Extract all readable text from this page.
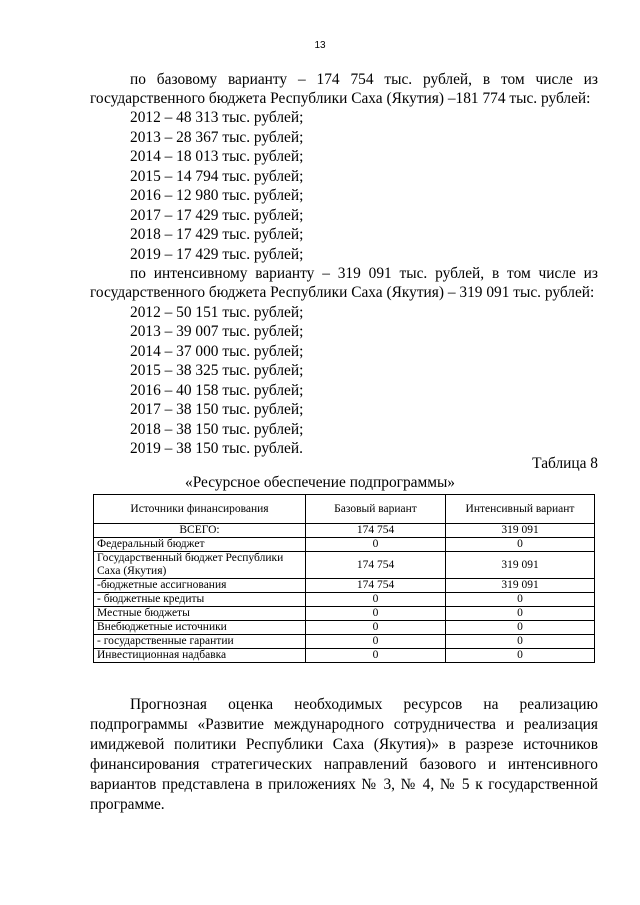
13
по базовому варианту – 174 754 тыс. рублей, в том числе из
государственного бюджета Республики Саха (Якутия) –181 774 тыс. рублей:
2012 – 48 313 тыс. рублей;
2013 – 28 367 тыс. рублей;
2014 – 18 013 тыс. рублей;
2015 – 14 794 тыс. рублей;
2016 – 12 980 тыс. рублей;
2017 – 17 429 тыс. рублей;
2018 – 17 429 тыс. рублей;
2019 – 17 429 тыс. рублей;
по интенсивному варианту – 319 091 тыс. рублей, в том числе из
государственного бюджета Республики Саха (Якутия) – 319 091 тыс. рублей:
2012 – 50 151 тыс. рублей;
2013 – 39 007 тыс. рублей;
2014 – 37 000 тыс. рублей;
2015 – 38 325 тыс. рублей;
2016 – 40 158 тыс. рублей;
2017 – 38 150 тыс. рублей;
2018 – 38 150 тыс. рублей;
2019 – 38 150 тыс. рублей.
Таблица 8
«Ресурсное обеспечение подпрограммы»
Источники финансирования	Базовый вариант	Интенсивный вариант
ВСЕГО:	174 754	319 091
Федеральный бюджет	0	0
Государственный бюджет Республики Саха (Якутия)	174 754	319 091
-бюджетные ассигнования	174 754	319 091
- бюджетные кредиты	0	0
Местные бюджеты	0	0
Внебюджетные источники	0	0
- государственные гарантии	0	0
Инвестиционная надбавка	0	0

Прогнозная оценка необходимых ресурсов на реализацию подпрограммы «Развитие международного сотрудничества и реализация имиджевой политики Республики Саха (Якутия)» в разрезе источников финансирования стратегических направлений базового и интенсивного вариантов представлена в приложениях № 3, № 4, № 5 к государственной программе.
